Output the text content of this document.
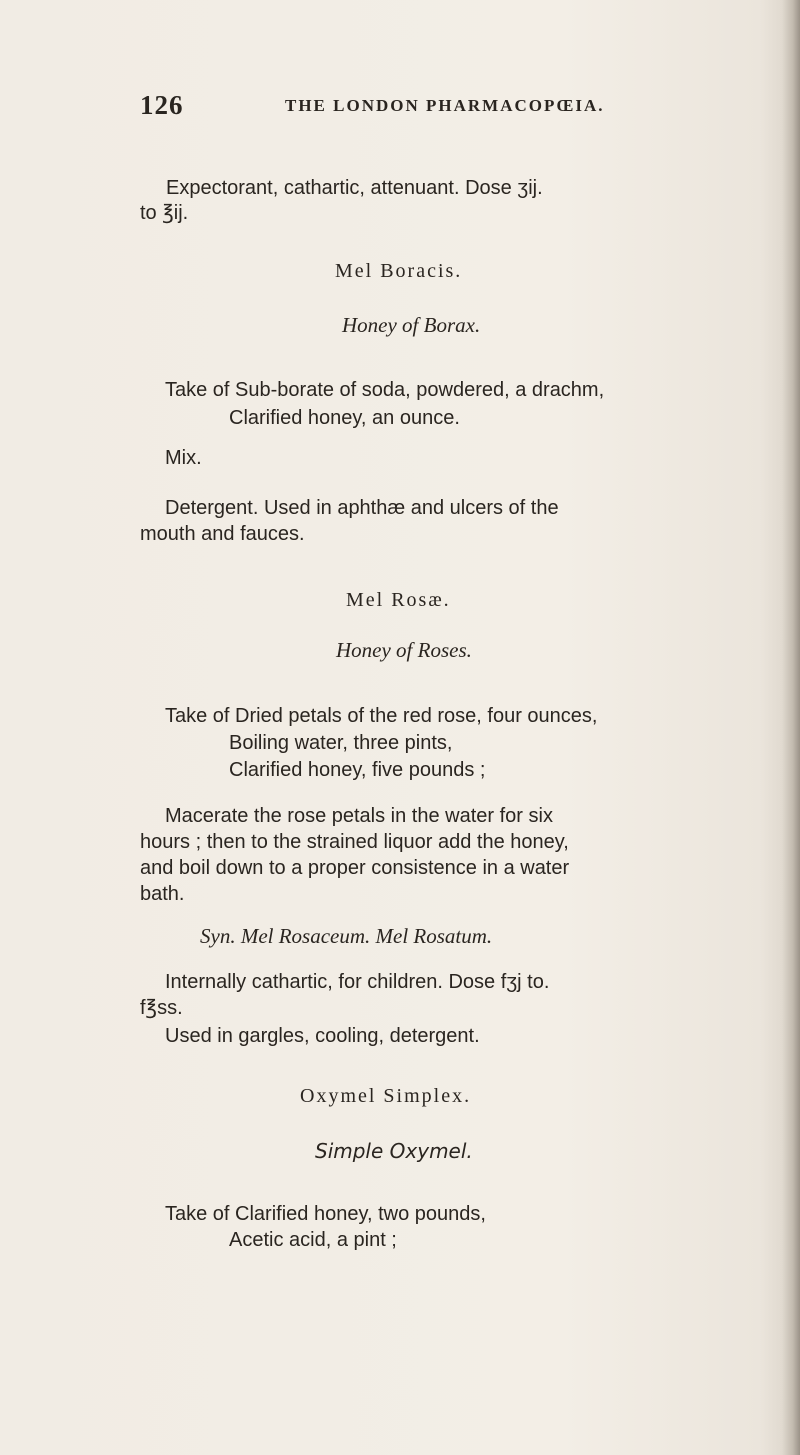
126	THE LONDON PHARMACOPŒIA.
Expectorant, cathartic, attenuant. Dose ʒij.
to ℥ij.
Mel Boracis.
Honey of Borax.
Take of Sub-borate of soda, powdered, a drachm,
Clarified honey, an ounce.
Mix.
Detergent. Used in aphthæ and ulcers of the
mouth and fauces.
Mel Rosæ.
Honey of Roses.
Take of Dried petals of the red rose, four ounces,
Boiling water, three pints,
Clarified honey, five pounds ;
Macerate the rose petals in the water for six
hours ; then to the strained liquor add the honey,
and boil down to a proper consistence in a water
bath.
Syn. Mel Rosaceum. Mel Rosatum.
Internally cathartic, for children. Dose fʒj to.
f℥ss.
Used in gargles, cooling, detergent.
Oxymel Simplex.
Simple Oxymel.
Take of Clarified honey, two pounds,
Acetic acid, a pint ;
